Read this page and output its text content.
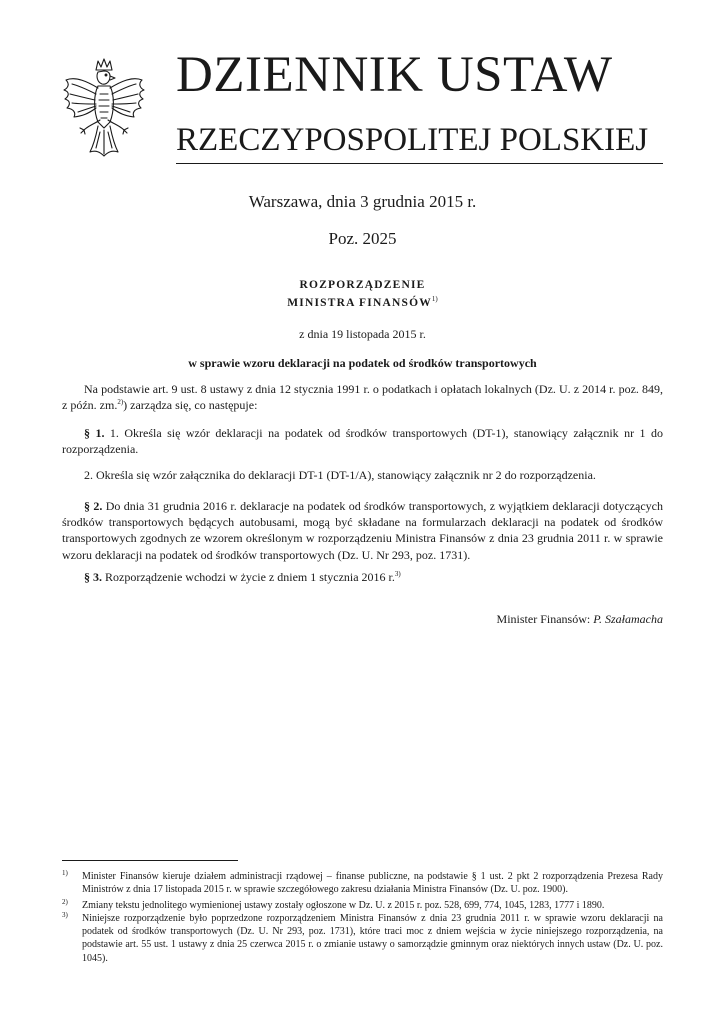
DZIENNIK USTAW
RZECZYPOSPOLITEJ POLSKIEJ
Warszawa, dnia 3 grudnia 2015 r.
Poz. 2025
ROZPORZĄDZENIE
MINISTRA FINANSÓW$^{1)}$
z dnia 19 listopada 2015 r.
w sprawie wzoru deklaracji na podatek od środków transportowych
Na podstawie art. 9 ust. 8 ustawy z dnia 12 stycznia 1991 r. o podatkach i opłatach lokalnych (Dz. U. z 2014 r. poz. 849, z późn. zm.$^{2)}$) zarządza się, co następuje:
§ 1. 1. Określa się wzór deklaracji na podatek od środków transportowych (DT-1), stanowiący załącznik nr 1 do rozporządzenia.
2. Określa się wzór załącznika do deklaracji DT-1 (DT-1/A), stanowiący załącznik nr 2 do rozporządzenia.
§ 2. Do dnia 31 grudnia 2016 r. deklaracje na podatek od środków transportowych, z wyjątkiem deklaracji dotyczących środków transportowych będących autobusami, mogą być składane na formularzach deklaracji na podatek od środków transportowych zgodnych ze wzorem określonym w rozporządzeniu Ministra Finansów z dnia 23 grudnia 2011 r. w sprawie wzoru deklaracji na podatek od środków transportowych (Dz. U. Nr 293, poz. 1731).
§ 3. Rozporządzenie wchodzi w życie z dniem 1 stycznia 2016 r.$^{3)}$
Minister Finansów: P. Szałamacha
1) Minister Finansów kieruje działem administracji rządowej – finanse publiczne, na podstawie § 1 ust. 2 pkt 2 rozporządzenia Prezesa Rady Ministrów z dnia 17 listopada 2015 r. w sprawie szczegółowego zakresu działania Ministra Finansów (Dz. U. poz. 1900).
2) Zmiany tekstu jednolitego wymienionej ustawy zostały ogłoszone w Dz. U. z 2015 r. poz. 528, 699, 774, 1045, 1283, 1777 i 1890.
3) Niniejsze rozporządzenie było poprzedzone rozporządzeniem Ministra Finansów z dnia 23 grudnia 2011 r. w sprawie wzoru deklaracji na podatek od środków transportowych (Dz. U. Nr 293, poz. 1731), które traci moc z dniem wejścia w życie niniejszego rozporządzenia, na podstawie art. 55 ust. 1 ustawy z dnia 25 czerwca 2015 r. o zmianie ustawy o samorządzie gminnym oraz niektórych innych ustaw (Dz. U. poz. 1045).
